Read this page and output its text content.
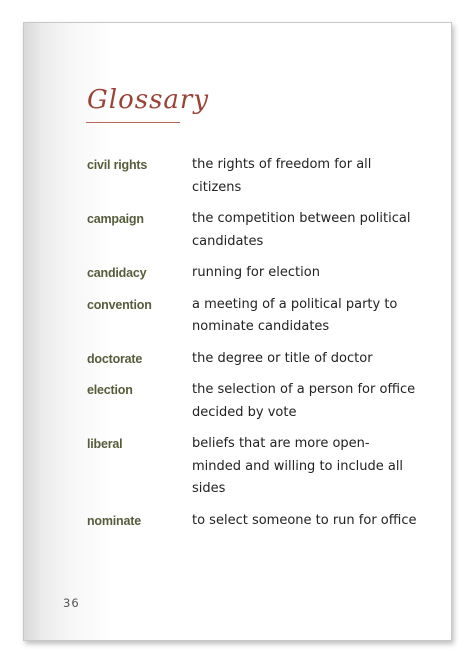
Glossary
civil rights	the rights of freedom for all citizens
campaign	the competition between political candidates
candidacy	running for election
convention	a meeting of a political party to nominate candidates
doctorate	the degree or title of doctor
election	the selection of a person for office decided by vote
liberal	beliefs that are more open-minded and willing to include all sides
nominate	to select someone to run for office
36
